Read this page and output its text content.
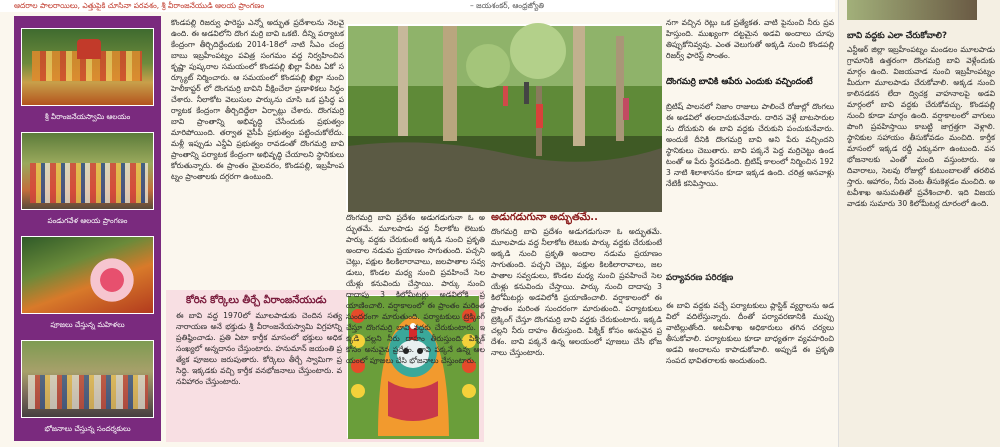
ఆదరాల పాలరాయిలు, ఎత్తుపైకి చూసినా పరవశం, శ్రీ వీరాంజనేయుడి ఆలయ ప్రాంగణం	– జయశంకర్, ఆంధ్రజ్యోతి
శ్రీ వీరాంజనేయస్వామి ఆలయం
పండుగవేళ ఆలయ ప్రాంగణం
పూజలు చేస్తున్న మహిళలు
భోజనాలు చేస్తున్న సందర్శకులు
కొండపల్లి రిజర్వు ఫారెస్టు ఎన్నో అద్భుత ప్రదేశాలను నెలవై ఉంది. ఈ అడవిలోని దొంగ మర్రి బావి ఒకటి. దీన్ని పర్యాటక కేంద్రంగా తీర్చిదిద్దేందుకు 2014-18లో నాటి సీఎం చంద్రబాబు ఇబ్రహీంపట్నం పవిత్ర సంగమం వద్ద నిర్వహించిన కృష్ణా పుష్కరాల సమయంలో కొండపల్లి ఖిల్లా పేరిట ఏకో సర్క్యూట్ నిర్మించారు. ఆ సమయంలో కొండపల్లి ఖిల్లా నుంచి హెలీకాప్టర్ లో దొంగమర్రి బావిని వీక్షించేలా ప్రణాళికలు సిద్ధం చేశారు. నీలాకోట వెలుసుల పార్కును చూసి ఒక ప్రసిద్ధ పర్యాటక కేంద్రంగా తీర్చిదిద్దేలా ఏర్పాట్లు చేశారు. దొంగమర్రి బావి ప్రాంతాన్ని అభివృద్ధి చేసేందుకు ప్రభుత్వం మారిపోయింది. తర్వాత వైసీపీ ప్రభుత్వం పట్టించుకోలేదు. మళ్లీ ఇప్పుడు ఎన్డీఏ ప్రభుత్వం రావడంతో దొంగమర్రి బావి ప్రాంతాన్ని పర్యాటక కేంద్రంగా అభివృద్ధి చేయాలని స్థానికులు కోరుతున్నారు. ఈ ప్రాంతం మైలవరం, కొండపల్లి, ఇబ్రహీంపట్నం ప్రాంతాలకు దగ్గరగా ఉంటుంది.
కోరిన కోర్కెలు తీర్చే వీరాంజనేయుడు
ఈ బావి వద్ద 1970లో మూలపాడుకు చెందిన సత్యనారాయణ అనే భక్తుడు శ్రీ వీరాంజనేయస్వామి విగ్రహాన్ని ప్రతిష్ఠించాడు. ప్రతి ఏటా కార్తీక మాసంలో భక్తులు అధిక సంఖ్యలో అన్నదానం చేస్తుంటారు. హనుమాన్ జయంతి ప్రత్యేక పూజలు జరుపుతారు. కోర్కెలు తీర్చే స్వామిగా ప్రసిద్ధి. ఇక్కడకు వచ్చి కార్తీక వనభోజనాలు చేస్తుంటారు. వనవిహారం చేస్తుంటారు.
దొంగమర్రి బావి ప్రదేశం అడుగడుగునా ఓ అద్భుతమే. మూలపాడు వద్ద నీలాకోట లెటుకు పార్కు వద్దకు చేరుకుంటే అక్కడి నుంచి ప్రకృతి అందాల నడుమ ప్రయాణం సాగుతుంది. పచ్చని చెట్లు, పక్షుల కిలకిలారావాలు, జలపాతాల సవ్వడులు, కొండల మధ్య నుంచి ప్రవహించే సెలయేళ్లు కనువిందు చేస్తాయి. పార్కు నుంచి దాదాపు 3 కిలోమీటర్లు అడవిలోకి ప్రయాణించాలి. వర్షాకాలంలో ఈ ప్రాంతం మరింత సుందరంగా మారుతుంది. పర్యాటకులు ట్రెక్కింగ్ చేస్తూ దొంగమర్రి బావి వద్దకు చేరుకుంటారు. ఇక్కడి చల్లని నీరు దాహం తీరుస్తుంది. పిక్నిక్ కోసం అనువైన ప్రదేశం. బావి పక్కనే ఉన్న ఆలయంలో పూజలు చేసి భోజనాలు చేస్తుంటారు.
అడుగడుగునా అద్భుతమే..
దొంగమర్రి బావి ప్రదేశం అడుగడుగునా ఓ అద్భుతమే. మూలపాడు వద్ద నీలాకోట లెటుకు పార్కు వద్దకు చేరుకుంటే అక్కడి నుంచి ప్రకృతి అందాల నడుమ ప్రయాణం సాగుతుంది. పచ్చని చెట్లు, పక్షుల కిలకిలారావాలు, జలపాతాల సవ్వడులు, కొండల మధ్య నుంచి ప్రవహించే సెలయేళ్లు కనువిందు చేస్తాయి. పార్కు నుంచి దాదాపు 3 కిలోమీటర్లు అడవిలోకి ప్రయాణించాలి. వర్షాకాలంలో ఈ ప్రాంతం మరింత సుందరంగా మారుతుంది. పర్యాటకులు ట్రెక్కింగ్ చేస్తూ దొంగమర్రి బావి వద్దకు చేరుకుంటారు. ఇక్కడి చల్లని నీరు దాహం తీరుస్తుంది. పిక్నిక్ కోసం అనువైన ప్రదేశం. బావి పక్కనే ఉన్న ఆలయంలో పూజలు చేసి భోజనాలు చేస్తుంటారు.
నగా వచ్చిన రెట్లు ఒక ప్రత్యేకత. వాటి పైనుంచి నీరు ప్రవహిస్తుంది. ముఖ్యంగా దట్టమైన అడవి అందాలు చూపు తిప్పుకోనివ్వవు. ఎంత వెలుగుతో అక్కడి నుంచి కొండపల్లి రిజర్వ్ ఫారెస్ట్ సొంతం.
దొంగమర్రి బావికి ఆపేరు ఎందుకు వచ్చిందంటే
బ్రిటిష్ పాలనలో నిజాం రాజులు పాలించే రోజుల్లో దొంగలు ఈ అడవిలో తలదాచుకునేవారు. దారిన వెళ్లే బాటసారులను దోచుకుని ఈ బావి వద్దకు చేరుకుని పంచుకునేవారు. అందుకే దీనికి దొంగమర్రి బావి అని పేరు వచ్చిందని స్థానికులు చెబుతారు. బావి పక్కనే పెద్ద మర్రిచెట్టు ఉండటంతో ఆ పేరు స్థిరపడింది. బ్రిటిష్ కాలంలో నిర్మించిన 1923 నాటి శిలాశాసనం కూడా ఇక్కడ ఉంది. చరిత్ర ఆనవాళ్లు నేటికీ కనిపిస్తాయి.
పర్యావరణ పరిరక్షణ
ఈ బావి వద్దకు వచ్చే పర్యాటకులు ప్లాస్టిక్ వ్యర్థాలను అడవిలో వదిలేస్తున్నారు. దీంతో పర్యావరణానికి ముప్పు వాటిల్లుతోంది. అటవీశాఖ అధికారులు తగిన చర్యలు తీసుకోవాలి. పర్యాటకులు కూడా బాధ్యతగా వ్యవహరించి అడవి అందాలను కాపాడుకోవాలి. అప్పుడే ఈ ప్రకృతి సంపద భావితరాలకు అందుతుంది.
బావి వద్దకు ఎలా చేరుకోవాలి?
ఎన్టీఆర్ జిల్లా ఇబ్రహీంపట్నం మండలం మూలపాడు గ్రామానికి ఉత్తరంగా దొంగమర్రి బావి వెళ్లేందుకు మార్గం ఉంది. విజయవాడ నుంచి ఇబ్రహీంపట్నం మీదుగా మూలపాడు చేరుకోవాలి. అక్కడ నుంచి కాలినడకన లేదా ద్విచక్ర వాహనాలపై అడవి మార్గంలో బావి వద్దకు చేరుకోవచ్చు. కొండపల్లి నుంచి కూడా మార్గం ఉంది. వర్షాకాలంలో వాగులు పొంగి ప్రవహిస్తాయి కాబట్టి జాగ్రత్తగా వెళ్లాలి. స్థానికుల సహాయం తీసుకోవడం మంచిది. కార్తీక మాసంలో ఇక్కడ రద్దీ ఎక్కువగా ఉంటుంది. వనభోజనాలకు ఎంతో మంది వస్తుంటారు. ఆదివారాలు, సెలవు రోజుల్లో కుటుంబాలతో తరలివస్తారు. ఆహారం, నీరు వెంట తీసుకెళ్లడం మంచిది. అటవీశాఖ అనుమతితో ప్రవేశించాలి. ఇది విజయవాడకు సుమారు 30 కిలోమీటర్ల దూరంలో ఉంది.
